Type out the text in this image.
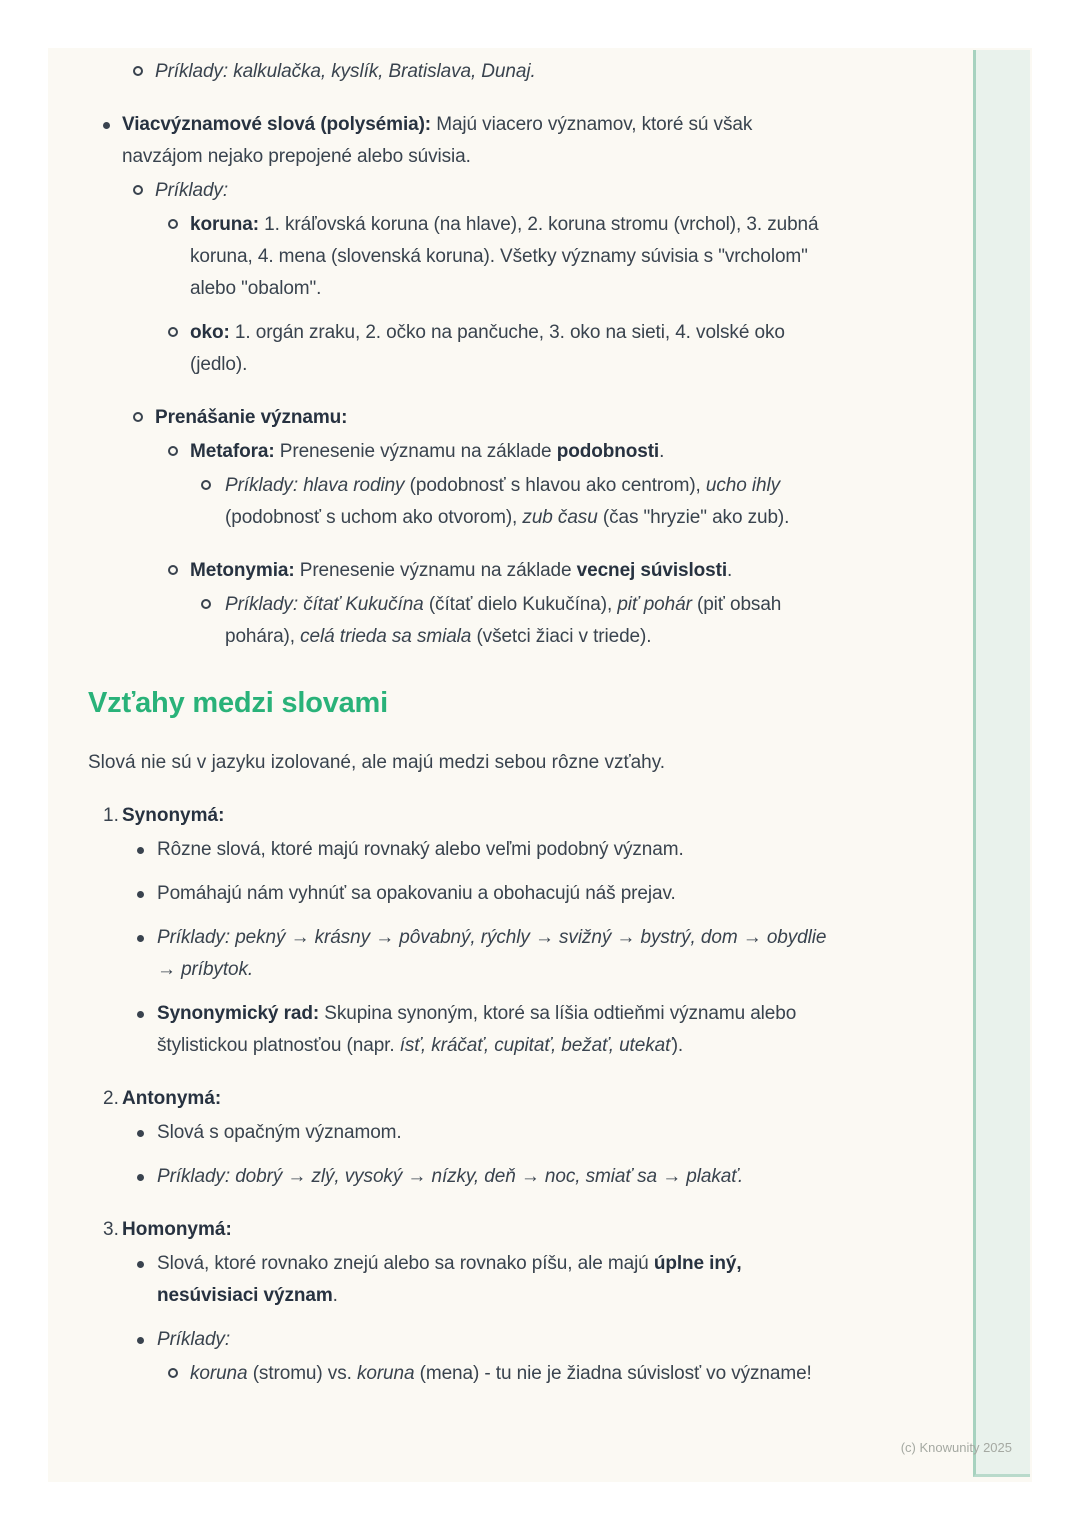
Príklady: kalkulačka, kyslík, Bratislava, Dunaj.
Viacvýznamové slová (polysémia): Majú viacero významov, ktoré sú však navzájom nejako prepojené alebo súvisia.
Príklady:
koruna: 1. kráľovská koruna (na hlave), 2. koruna stromu (vrchol), 3. zubná koruna, 4. mena (slovenská koruna). Všetky významy súvisia s "vrcholom" alebo "obalom".
oko: 1. orgán zraku, 2. očko na pančuche, 3. oko na sieti, 4. volské oko (jedlo).
Prenášanie významu:
Metafora: Prenesenie významu na základe podobnosti.
Príklady: hlava rodiny (podobnosť s hlavou ako centrom), ucho ihly (podobnosť s uchom ako otvorom), zub času (čas "hryzie" ako zub).
Metonymia: Prenesenie významu na základe vecnej súvislosti.
Príklady: čítať Kukučína (čítať dielo Kukučína), piť pohár (piť obsah pohára), celá trieda sa smiala (všetci žiaci v triede).
Vzťahy medzi slovami

Slová nie sú v jazyku izolované, ale majú medzi sebou rôzne vzťahy.

1. Synonymá:
Rôzne slová, ktoré majú rovnaký alebo veľmi podobný význam.
Pomáhajú nám vyhnúť sa opakovaniu a obohacujú náš prejav.
Príklady: pekný → krásny → pôvabný, rýchly → svižný → bystrý, dom → obydlie → príbytok.
Synonymický rad: Skupina synoným, ktoré sa líšia odtieňmi významu alebo štylistickou platnosťou (napr. ísť, kráčať, cupitať, bežať, utekať).
2. Antonymá:
Slová s opačným významom.
Príklady: dobrý → zlý, vysoký → nízky, deň → noc, smiať sa → plakať.
3. Homonymá:
Slová, ktoré rovnako znejú alebo sa rovnako píšu, ale majú úplne iný, nesúvisiaci význam.
Príklady:
koruna (stromu) vs. koruna (mena) - tu nie je žiadna súvislosť vo význame!
(c) Knowunity 2025
